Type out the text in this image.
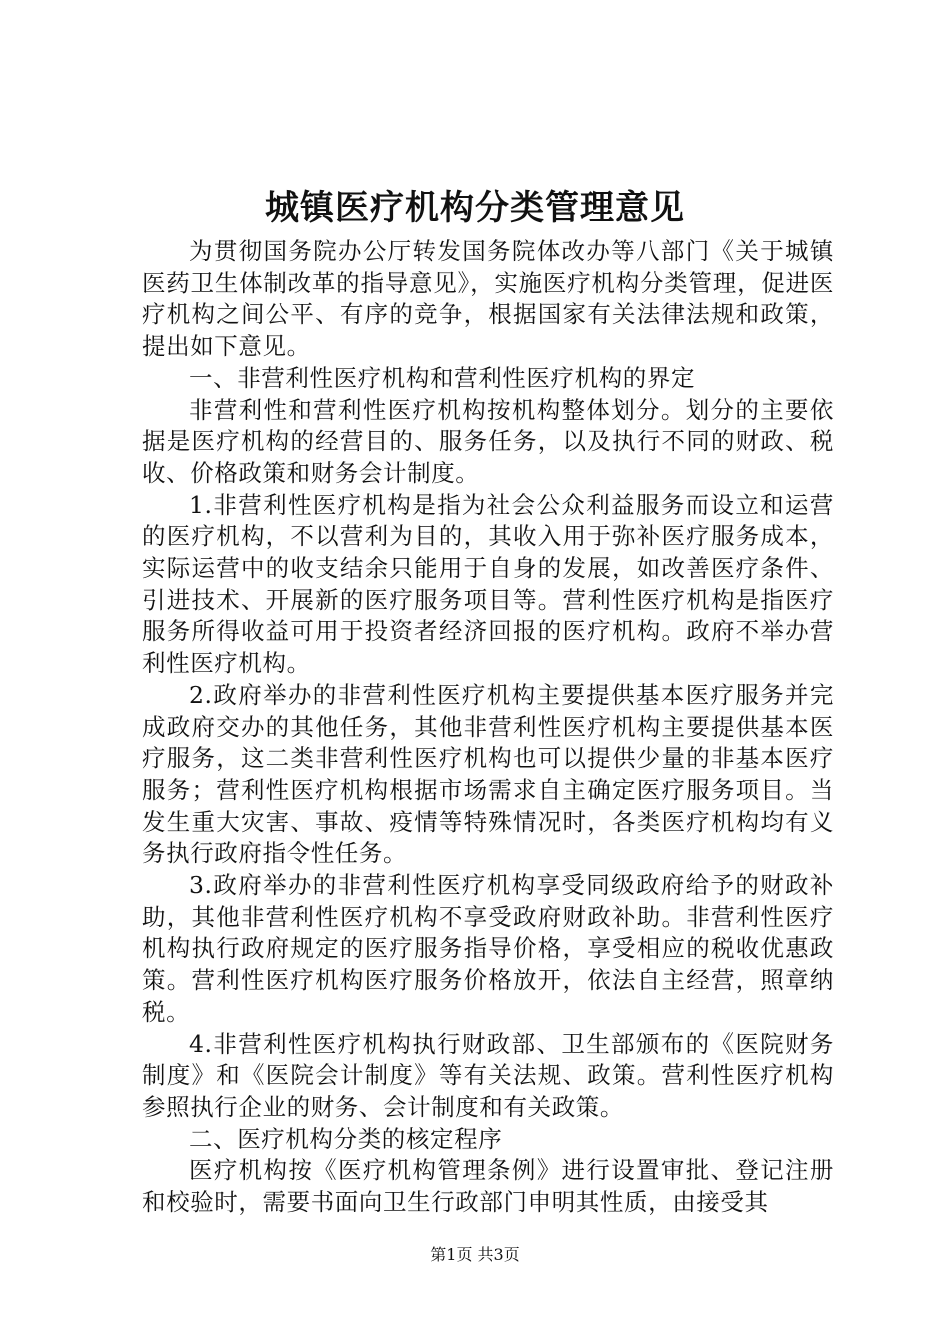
城镇医疗机构分类管理意见

为贯彻国务院办公厅转发国务院体改办等八部门《关于城镇医药卫生体制改革的指导意见》，实施医疗机构分类管理，促进医疗机构之间公平、有序的竞争，根据国家有关法律法规和政策，提出如下意见。

一、非营利性医疗机构和营利性医疗机构的界定

非营利性和营利性医疗机构按机构整体划分。划分的主要依据是医疗机构的经营目的、服务任务，以及执行不同的财政、税收、价格政策和财务会计制度。

1.非营利性医疗机构是指为社会公众利益服务而设立和运营的医疗机构，不以营利为目的，其收入用于弥补医疗服务成本，实际运营中的收支结余只能用于自身的发展，如改善医疗条件、引进技术、开展新的医疗服务项目等。营利性医疗机构是指医疗服务所得收益可用于投资者经济回报的医疗机构。政府不举办营利性医疗机构。

2.政府举办的非营利性医疗机构主要提供基本医疗服务并完成政府交办的其他任务，其他非营利性医疗机构主要提供基本医疗服务，这二类非营利性医疗机构也可以提供少量的非基本医疗服务；营利性医疗机构根据市场需求自主确定医疗服务项目。当发生重大灾害、事故、疫情等特殊情况时，各类医疗机构均有义务执行政府指令性任务。

3.政府举办的非营利性医疗机构享受同级政府给予的财政补助，其他非营利性医疗机构不享受政府财政补助。非营利性医疗机构执行政府规定的医疗服务指导价格，享受相应的税收优惠政策。营利性医疗机构医疗服务价格放开，依法自主经营，照章纳税。

4.非营利性医疗机构执行财政部、卫生部颁布的《医院财务制度》和《医院会计制度》等有关法规、政策。营利性医疗机构参照执行企业的财务、会计制度和有关政策。

二、医疗机构分类的核定程序

医疗机构按《医疗机构管理条例》进行设置审批、登记注册和校验时，需要书面向卫生行政部门申明其性质，由接受其

第1页 共3页
